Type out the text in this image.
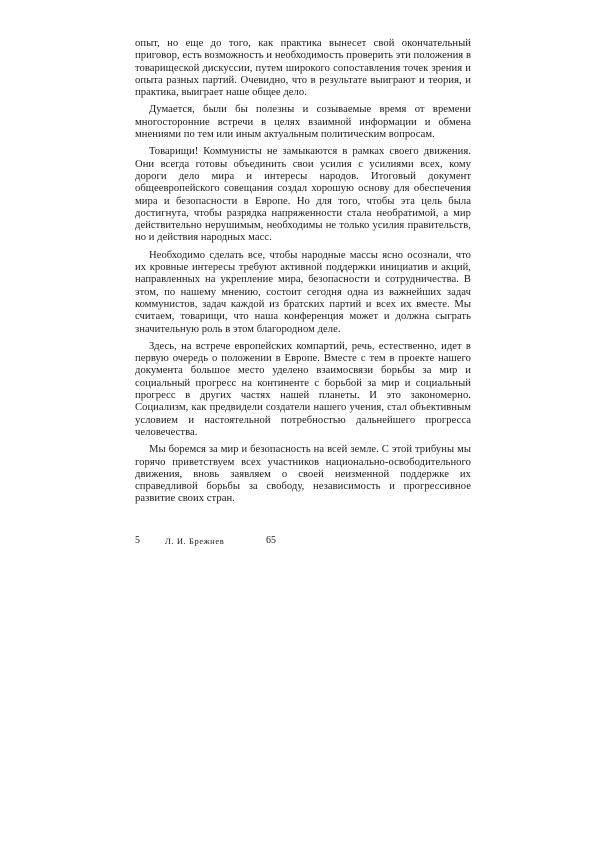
опыт, но еще до того, как практика вынесет свой окончательный приговор, есть возможность и необходимость проверить эти положения в товарищеской дискуссии, путем широкого сопоставления точек зрения и опыта разных партий. Очевидно, что в результате выиграют и теория, и практика, выиграет наше общее дело.

Думается, были бы полезны и созываемые время от времени многосторонние встречи в целях взаимной информации и обмена мнениями по тем или иным актуальным политическим вопросам.

Товарищи! Коммунисты не замыкаются в рамках своего движения. Они всегда готовы объединить свои усилия с усилиями всех, кому дороги дело мира и интересы народов. Итоговый документ общеевропейского совещания создал хорошую основу для обеспечения мира и безопасности в Европе. Но для того, чтобы эта цель была достигнута, чтобы разрядка напряженности стала необратимой, а мир действительно нерушимым, необходимы не только усилия правительств, но и действия народных масс.

Необходимо сделать все, чтобы народные массы ясно осознали, что их кровные интересы требуют активной поддержки инициатив и акций, направленных на укрепление мира, безопасности и сотрудничества. В этом, по нашему мнению, состоит сегодня одна из важнейших задач коммунистов, задач каждой из братских партий и всех их вместе. Мы считаем, товарищи, что наша конференция может и должна сыграть значительную роль в этом благородном деле.

Здесь, на встрече европейских компартий, речь, естественно, идет в первую очередь о положении в Европе. Вместе с тем в проекте нашего документа большое место уделено взаимосвязи борьбы за мир и социальный прогресс на континенте с борьбой за мир и социальный прогресс в других частях нашей планеты. И это закономерно. Социализм, как предвидели создатели нашего учения, стал объективным условием и настоятельной потребностью дальнейшего прогресса человечества.

Мы боремся за мир и безопасность на всей земле. С этой трибуны мы горячо приветствуем всех участников национально-освободительного движения, вновь заявляем о своей неизменной поддержке их справедливой борьбы за свободу, независимость и прогрессивное развитие своих стран.

5	Л. И. Брежнев	65
